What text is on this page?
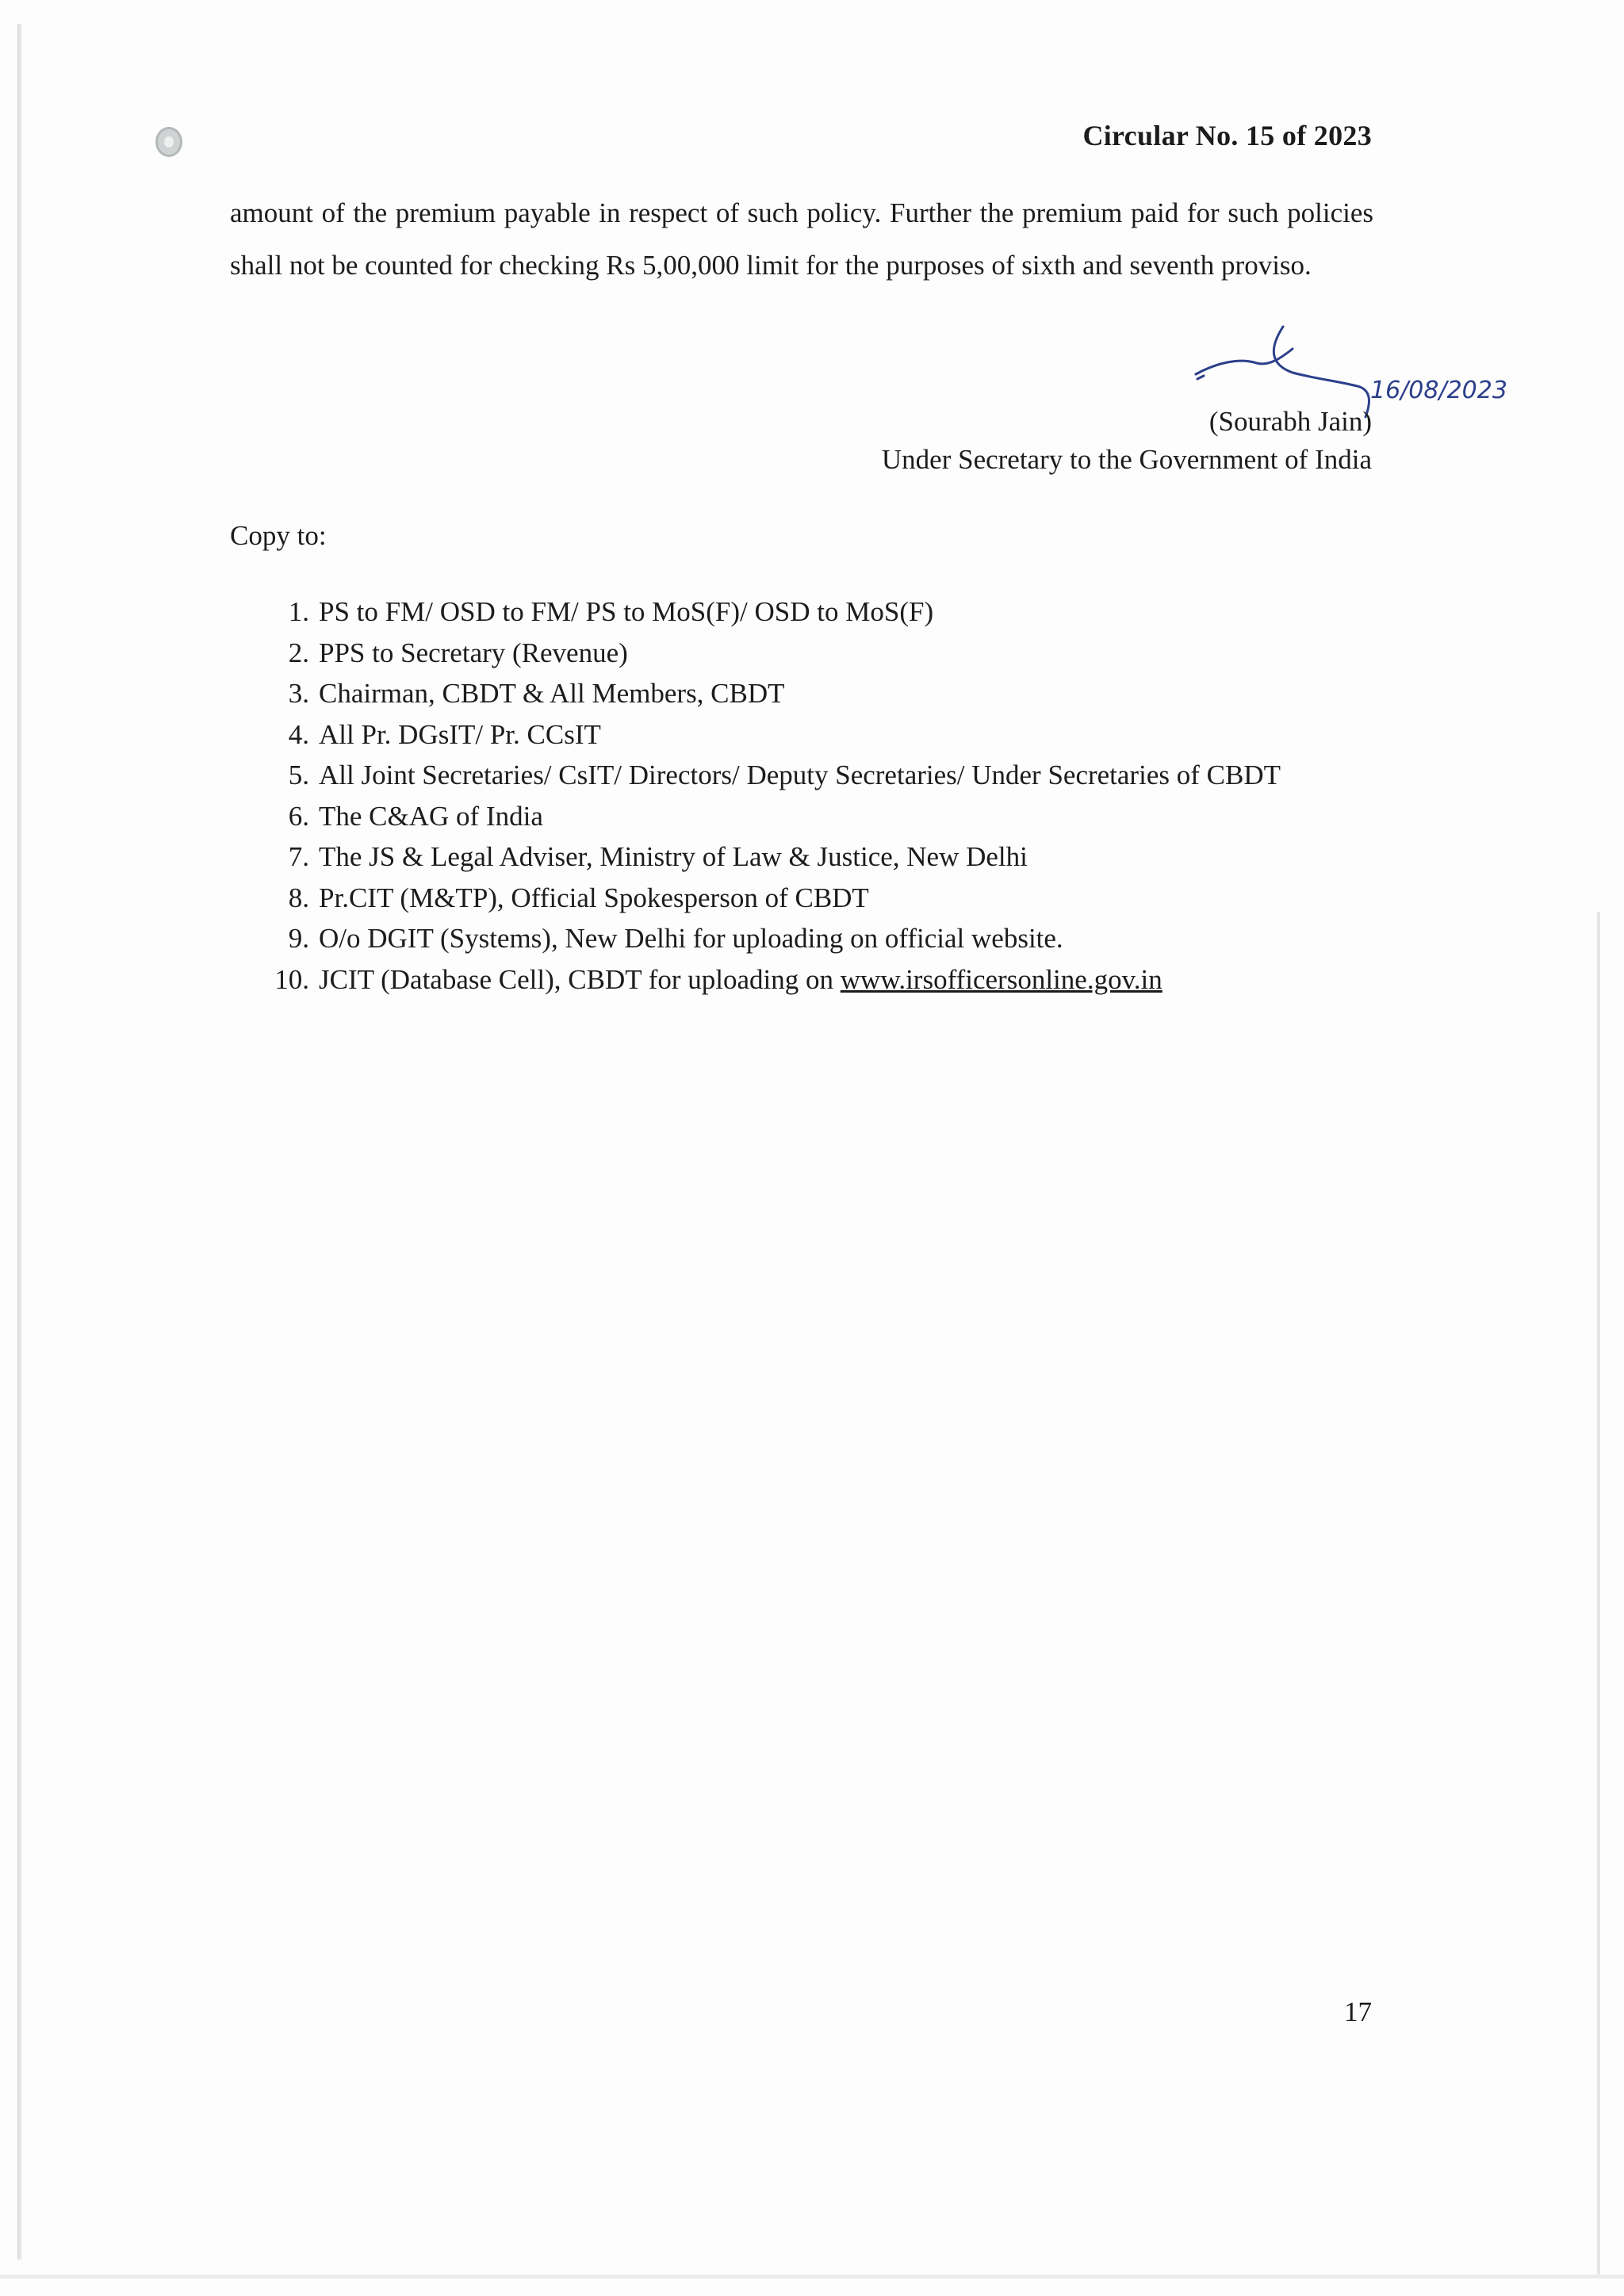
Circular No. 15 of 2023

amount of the premium payable in respect of such policy. Further the premium paid for such policies shall not be counted for checking Rs 5,00,000 limit for the purposes of sixth and seventh proviso.

16/08/2023
(Sourabh Jain)
Under Secretary to the Government of India
Copy to:
1. PS to FM/ OSD to FM/ PS to MoS(F)/ OSD to MoS(F)
2. PPS to Secretary (Revenue)
3. Chairman, CBDT & All Members, CBDT
4. All Pr. DGsIT/ Pr. CCsIT
5. All Joint Secretaries/ CsIT/ Directors/ Deputy Secretaries/ Under Secretaries of CBDT
6. The C&AG of India
7. The JS & Legal Adviser, Ministry of Law & Justice, New Delhi
8. Pr.CIT (M&TP), Official Spokesperson of CBDT
9. O/o DGIT (Systems), New Delhi for uploading on official website.
10. JCIT (Database Cell), CBDT for uploading on www.irsofficersonline.gov.in
17
